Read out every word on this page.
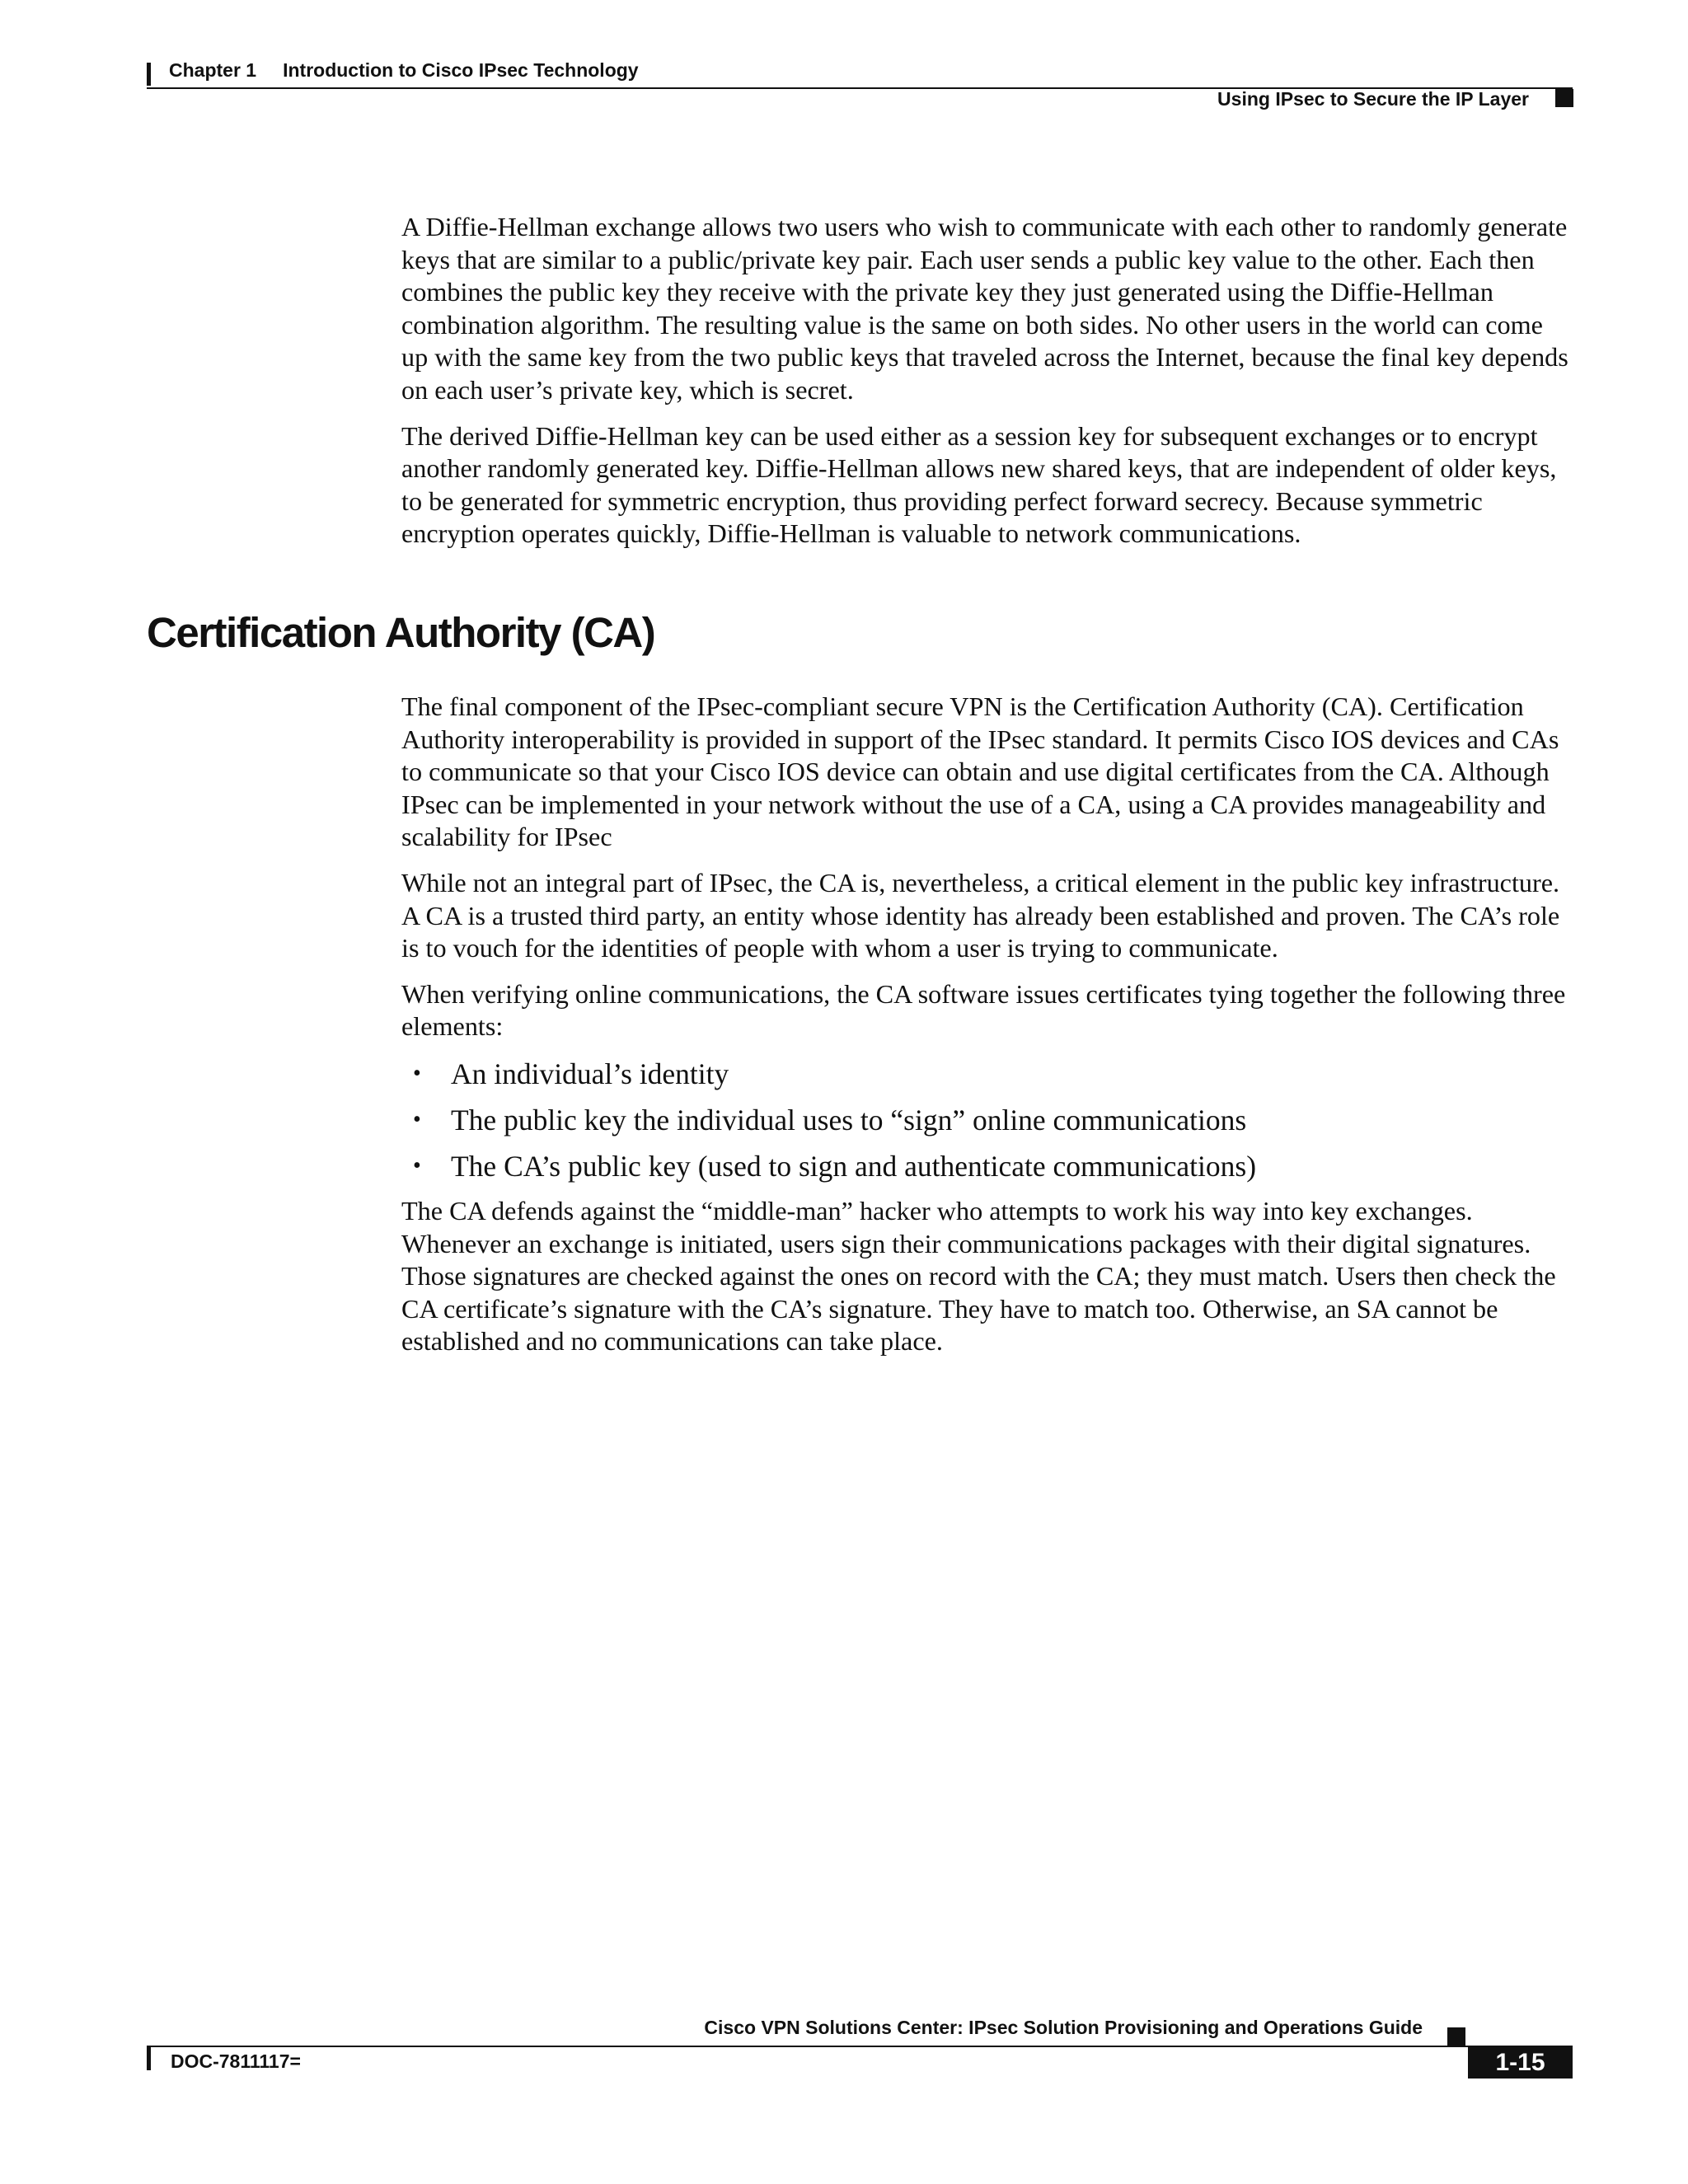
Chapter 1 Introduction to Cisco IPsec Technology
Using IPsec to Secure the IP Layer

A Diffie-Hellman exchange allows two users who wish to communicate with each other to randomly generate keys that are similar to a public/private key pair. Each user sends a public key value to the other. Each then combines the public key they receive with the private key they just generated using the Diffie-Hellman combination algorithm. The resulting value is the same on both sides. No other users in the world can come up with the same key from the two public keys that traveled across the Internet, because the final key depends on each user’s private key, which is secret.

The derived Diffie-Hellman key can be used either as a session key for subsequent exchanges or to encrypt another randomly generated key. Diffie-Hellman allows new shared keys, that are independent of older keys, to be generated for symmetric encryption, thus providing perfect forward secrecy. Because symmetric encryption operates quickly, Diffie-Hellman is valuable to network communications.

Certification Authority (CA)

The final component of the IPsec-compliant secure VPN is the Certification Authority (CA). Certification Authority interoperability is provided in support of the IPsec standard. It permits Cisco IOS devices and CAs to communicate so that your Cisco IOS device can obtain and use digital certificates from the CA. Although IPsec can be implemented in your network without the use of a CA, using a CA provides manageability and scalability for IPsec

While not an integral part of IPsec, the CA is, nevertheless, a critical element in the public key infrastructure. A CA is a trusted third party, an entity whose identity has already been established and proven. The CA’s role is to vouch for the identities of people with whom a user is trying to communicate.

When verifying online communications, the CA software issues certificates tying together the following three elements:

• An individual’s identity
• The public key the individual uses to “sign” online communications
• The CA’s public key (used to sign and authenticate communications)

The CA defends against the “middle-man” hacker who attempts to work his way into key exchanges. Whenever an exchange is initiated, users sign their communications packages with their digital signatures. Those signatures are checked against the ones on record with the CA; they must match. Users then check the CA certificate’s signature with the CA’s signature. They have to match too. Otherwise, an SA cannot be established and no communications can take place.

Cisco VPN Solutions Center: IPsec Solution Provisioning and Operations Guide
DOC-7811117=	1-15
